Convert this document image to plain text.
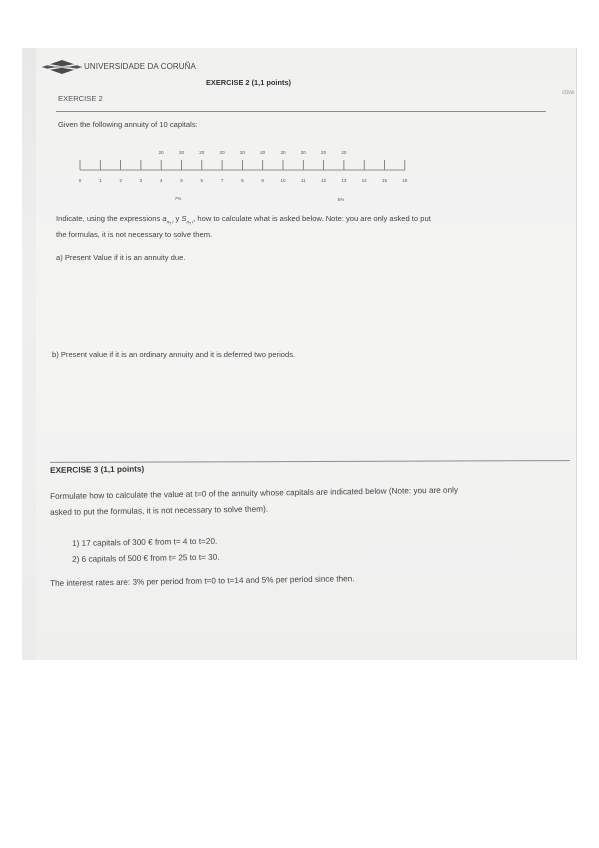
UNIVERSIDADE DA CORUÑA
EXERCISE 2 (1,1 points)
EXERCISE 2
Given the following annuity of 10 capitals:
20	20	20	20	20	20	20	20	20	20
0	1	2	3	4	5	6	7	8	9	10	11	12	13	14	15	16
7%	5%
Indicate, using the expressions $a_{n┐i}$ y $S_{n┐i}$, how to calculate what is asked below. Note: you are only asked to put
the formulas, it is not necessary to solve them.
a) Present Value if it is an annuity due.
b) Present value if it is an ordinary annuity and it is deferred two periods.
EXERCISE 3 (1,1 points)
Formulate how to calculate the value at t=0 of the annuity whose capitals are indicated below (Note: you are only
asked to put the formulas, it is not necessary to solve them).
1) 17 capitals of 300 € from t= 4 to t=20.
2) 6 capitals of 500 € from t= 25 to t= 30.
The interest rates are: 3% per period from t=0 to t=14 and 5% per period since then.
ctive
